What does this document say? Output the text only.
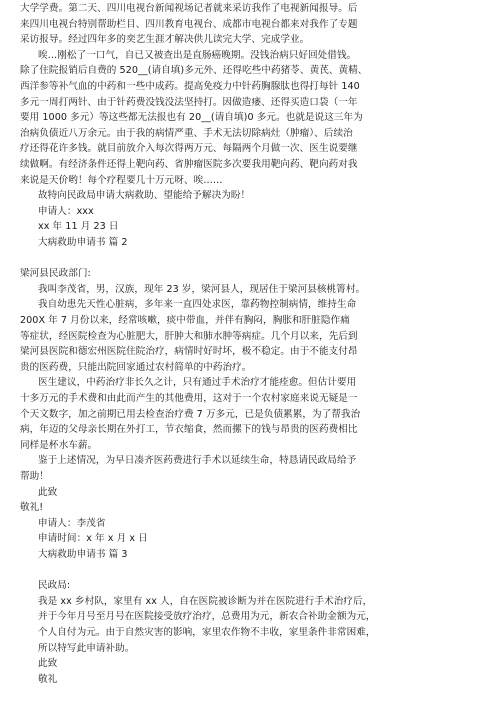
大学学费。第二天、四川电视台新闻视场记者就来采访我作了电视新闻报导。后
来四川电视台特别帮助栏目、四川教育电视台、成都市电视台都来对我作了专题
采访报导。经过四年多的奕艺生涯才解决供儿读完大学、完成学业。
唉…刚松了一口气，自已又被查出是直肠癌晚期。没钱治病只好回处借钱。
除了住院报销后自费的 520__(请自填)多元外、还得吃些中药猪苓、黄芪、黄精、
西洋参等补气血的中药和一些中成药。提高免疫力中针药胸腺肽也得打每针 140
多元一周打两针、由于针药费没钱没法坚持打。因做造瘘、还得买造口袋（一年
要用 1000 多元）等这些都无法报也有 20__(请自填)0 多元。也就是说这三年为
治病负债近八万余元。由于我的病情严重、手术无法切除病灶（肿瘤）、后续治
疗还得花许多钱。就目前放介入每次得两万元、每隔两个月做一次、医生说要继
续做啊。有经济条件还得上靶向药、省肿瘤医院多次要我用靶向药、靶向药对我
来说是天价哟！每个疗程要几十万元呀、唉……
故特向民政局申请大病救助、望能给予解决为盼！
申请人：xxx
xx 年 11 月 23 日
大病救助申请书 篇 2
梁河县民政部门:
我叫李茂省，男，汉族，现年 23 岁，梁河县人，现居住于梁河县核桃箐村。
我自幼患先天性心脏病，多年来一直四处求医，靠药物控制病情，维持生命
200X 年 7 月份以来，经常咳嗽，痰中带血，并伴有胸闷，胸胀和肝脏隐作痛
等症状，经医院检查为心脏肥大，肝肿大和肺水肿等病症。几个月以来，先后到
梁河县医院和德宏州医院住院治疗，病情时好时坏，极不稳定。由于不能支付昂
贵的医药费，只能出院回家通过农村简单的中药治疗。
医生建议，中药治疗非长久之计，只有通过手术治疗才能痊愈。但估计要用
十多万元的手术费和由此而产生的其他费用，这对于一个农村家庭来说无疑是一
个天文数字，加之前期已用去检查治疗费 7 万多元，已是负债累累，为了帮我治
病，年迈的父母亲长期在外打工，节衣缩食，然而摞下的钱与昂贵的医药费相比
同样是杯水车薪。
鉴于上述情况，为早日凑齐医药费进行手术以延续生命，特恳请民政局给予
帮助！
此致
敬礼!
申请人：李茂省
申请时间：x 年 x 月 x 日
大病救助申请书 篇 3
民政局:
我是 xx 乡村队，家里有 xx 人，自在医院被诊断为并在医院进行手术治疗后，
并于今年月号至月号在医院接受放疗治疗，总费用为元，新农合补助金额为元，
个人自付为元。由于自然灾害的影响，家里农作物不丰收，家里条件非常困难，
所以特写此申请补助。
此致
敬礼
